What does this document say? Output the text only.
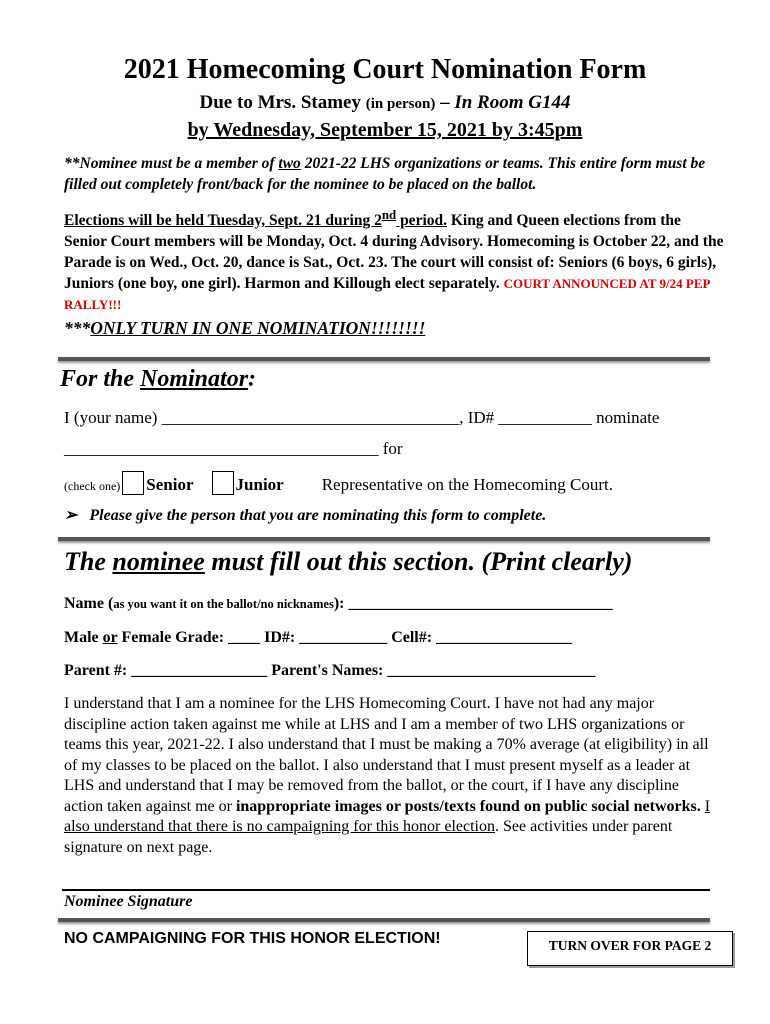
2021 Homecoming Court Nomination Form
Due to Mrs. Stamey (in person) – In Room G144
by Wednesday, September 15, 2021 by 3:45pm
**Nominee must be a member of two 2021-22 LHS organizations or teams. This entire form must be filled out completely front/back for the nominee to be placed on the ballot.
Elections will be held Tuesday, Sept. 21 during 2nd period. King and Queen elections from the Senior Court members will be Monday, Oct. 4 during Advisory. Homecoming is October 22, and the Parade is on Wed., Oct. 20, dance is Sat., Oct. 23. The court will consist of: Seniors (6 boys, 6 girls), Juniors (one boy, one girl). Harmon and Killough elect separately. COURT ANNOUNCED AT 9/24 PEP RALLY!!!
***ONLY TURN IN ONE NOMINATION!!!!!!!!
For the Nominator:
I (your name) ___________________________________, ID# ___________ nominate
_____________________________________ for
(check one) Senior Junior Representative on the Homecoming Court.
➢ Please give the person that you are nominating this form to complete.
The nominee must fill out this section. (Print clearly)
Name (as you want it on the ballot/no nicknames): _________________________________
Male or Female Grade: ____ ID#: ___________ Cell#: _________________
Parent #: _________________ Parent's Names: __________________________
I understand that I am a nominee for the LHS Homecoming Court. I have not had any major discipline action taken against me while at LHS and I am a member of two LHS organizations or teams this year, 2021-22. I also understand that I must be making a 70% average (at eligibility) in all of my classes to be placed on the ballot. I also understand that I must present myself as a leader at LHS and understand that I may be removed from the ballot, or the court, if I have any discipline action taken against me or inappropriate images or posts/texts found on public social networks. I also understand that there is no campaigning for this honor election. See activities under parent signature on next page.
Nominee Signature
NO CAMPAIGNING FOR THIS HONOR ELECTION!	TURN OVER FOR PAGE 2
